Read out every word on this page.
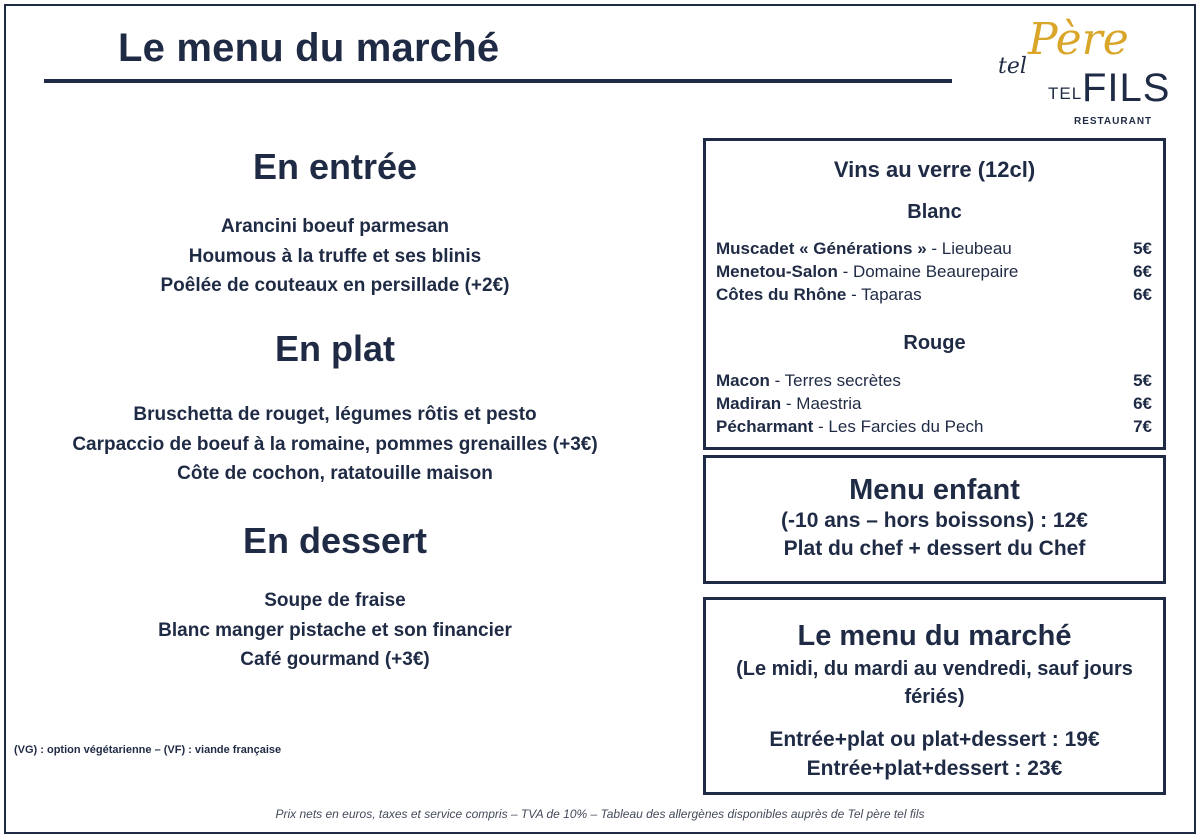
Le menu du marché	tel
Père
TEL FILS
RESTAURANT
En entrée
Arancini boeuf parmesan
Houmous à la truffe et ses blinis
Poêlée de couteaux en persillade (+2€)
En plat
Bruschetta de rouget, légumes rôtis et pesto
Carpaccio de boeuf à la romaine, pommes grenailles (+3€)
Côte de cochon, ratatouille maison
En dessert
Soupe de fraise
Blanc manger pistache et son financier
Café gourmand (+3€)
Vins au verre (12cl)
Blanc
Muscadet « Générations » - Lieubeau	5€
Menetou-Salon - Domaine Beaurepaire	6€
Côtes du Rhône - Taparas	6€
Rouge
Macon - Terres secrètes	5€
Madiran - Maestria	6€
Pécharmant - Les Farcies du Pech	7€
Menu enfant
(-10 ans – hors boissons) : 12€
Plat du chef + dessert du Chef
Le menu du marché
(Le midi, du mardi au vendredi, sauf jours fériés)
Entrée+plat ou plat+dessert : 19€
Entrée+plat+dessert : 23€
(VG) : option végétarienne – (VF) : viande française
Prix nets en euros, taxes et service compris – TVA de 10% – Tableau des allergènes disponibles auprès de Tel père tel fils
